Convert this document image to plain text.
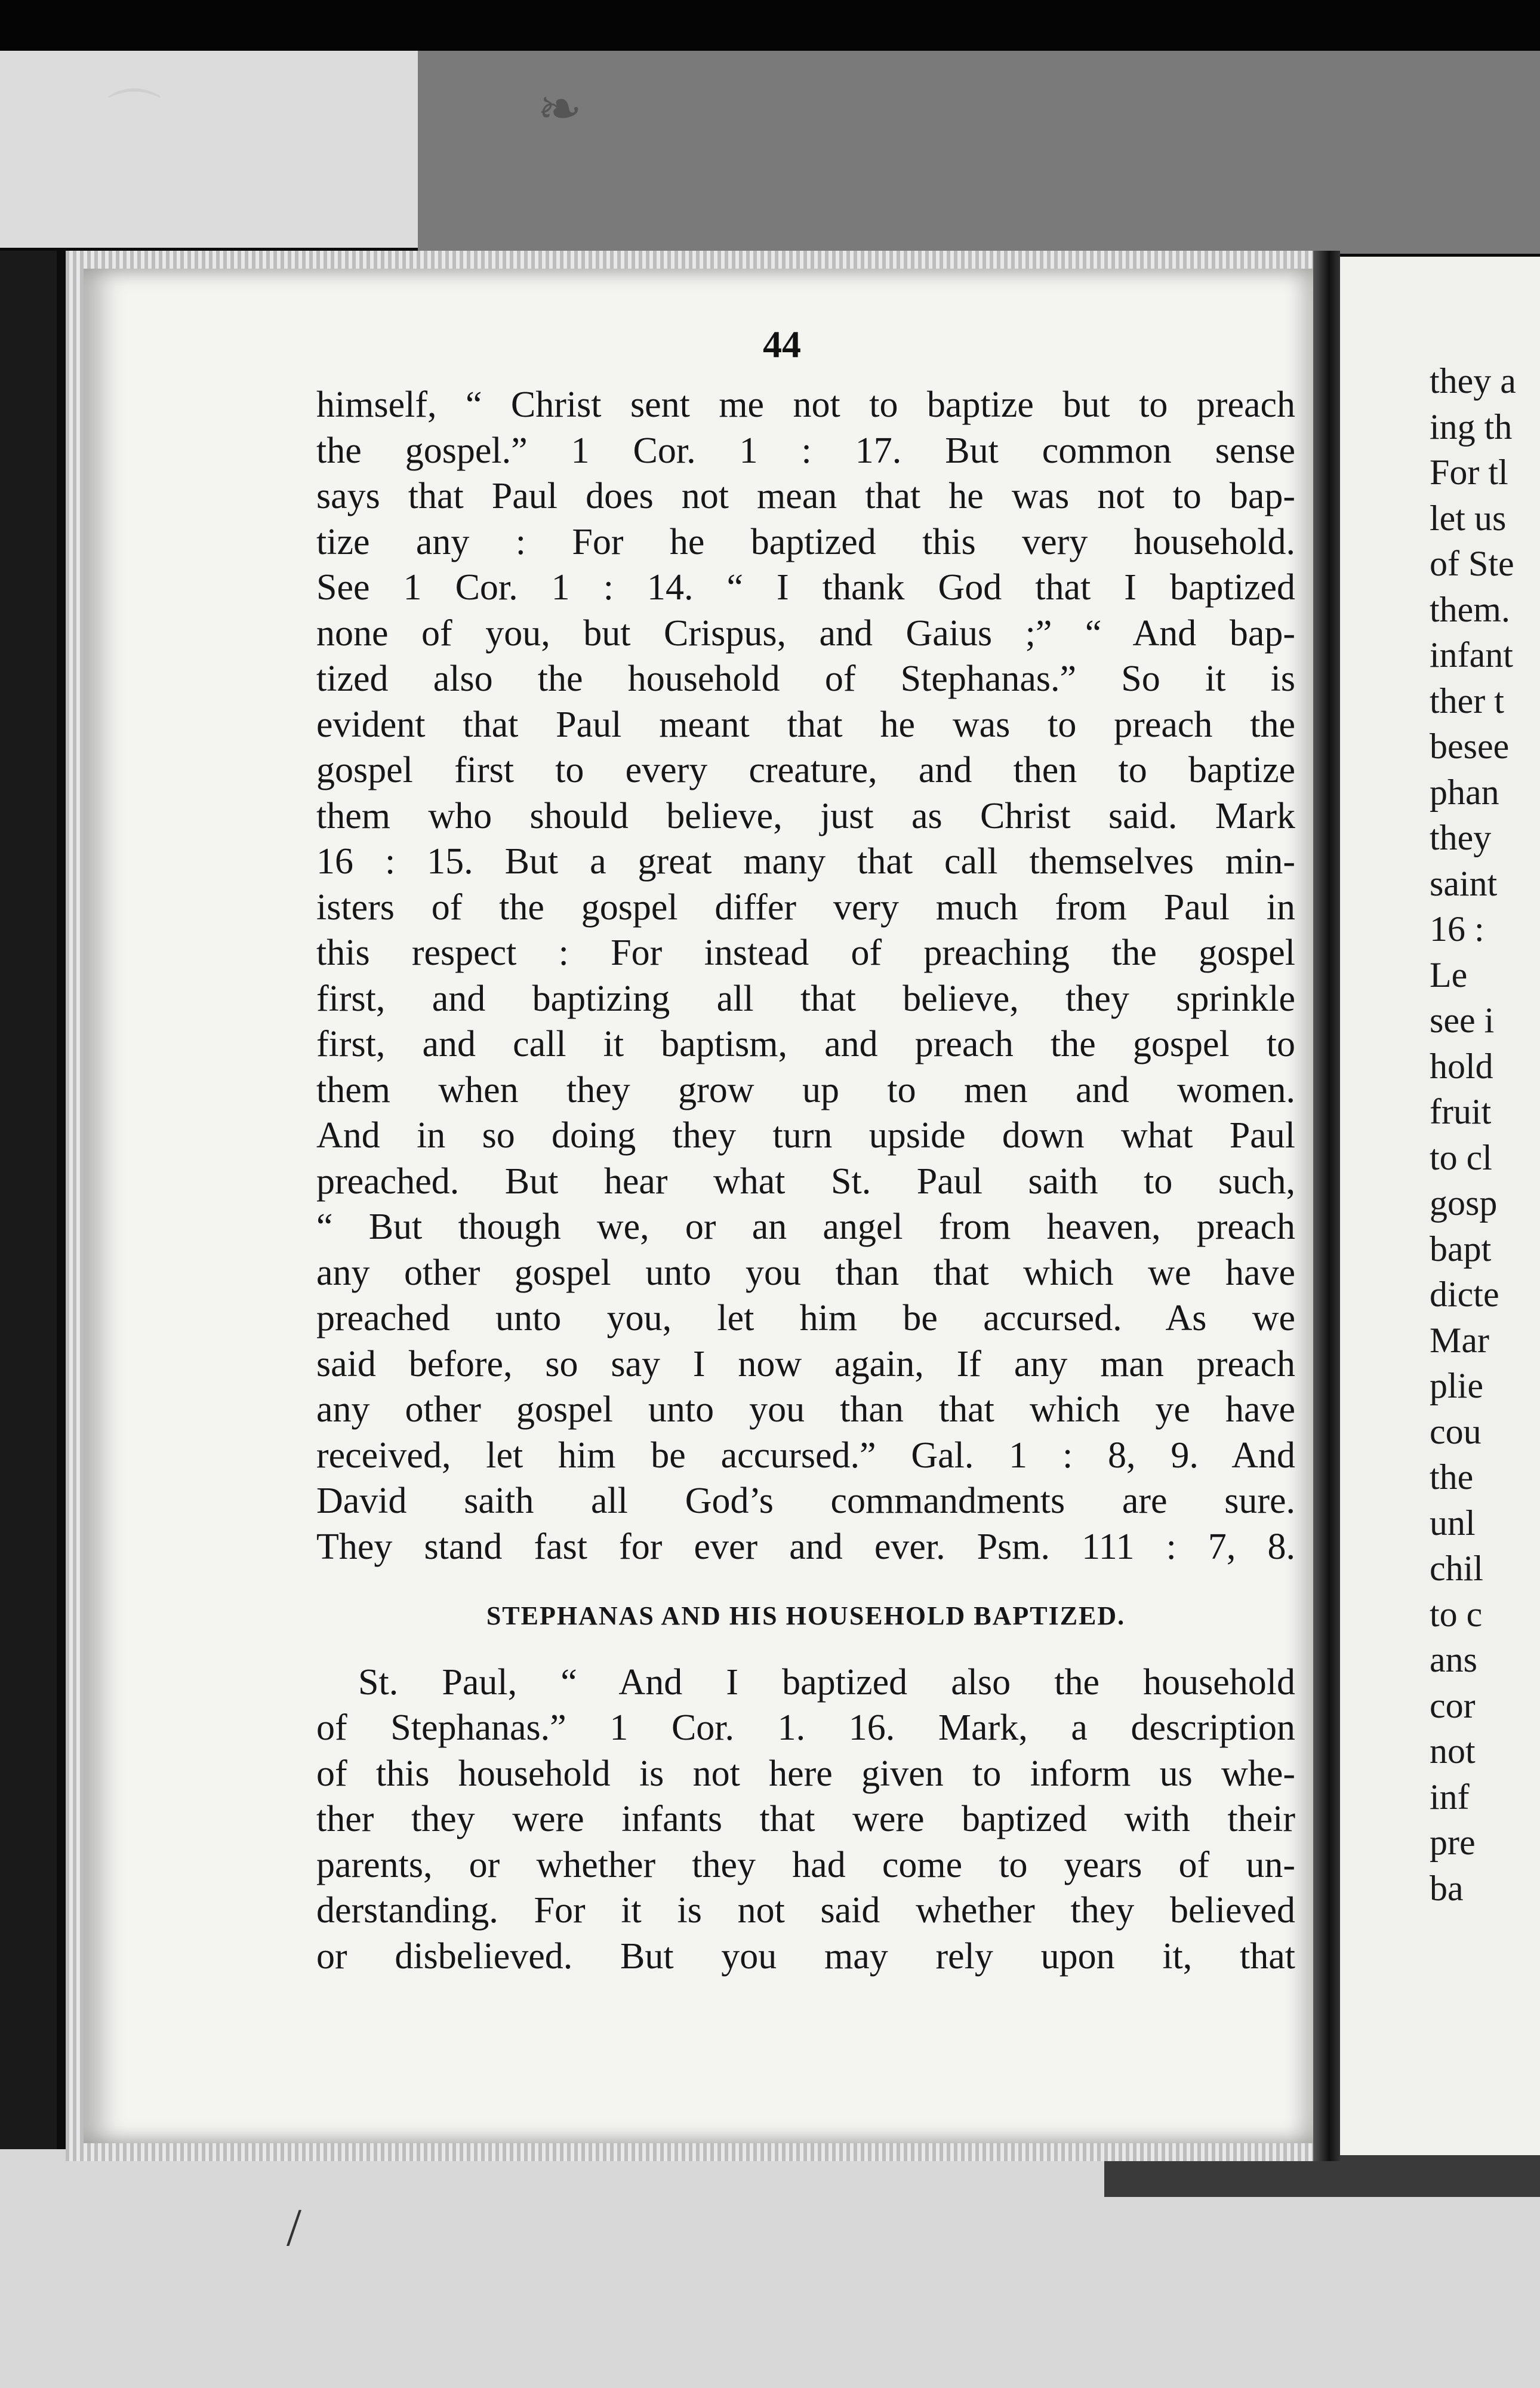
⌒	❧
/
44
himself, “ Christ sent me not to baptize but to preach
the gospel.” 1 Cor. 1 : 17. But common sense
says that Paul does not mean that he was not to bap-
tize any : For he baptized this very household.
See 1 Cor. 1 : 14. “ I thank God that I baptized
none of you, but Crispus, and Gaius ;” “ And bap-
tized also the household of Stephanas.” So it is
evident that Paul meant that he was to preach the
gospel first to every creature, and then to baptize
them who should believe, just as Christ said. Mark
16 : 15. But a great many that call themselves min-
isters of the gospel differ very much from Paul in
this respect : For instead of preaching the gospel
first, and baptizing all that believe, they sprinkle
first, and call it baptism, and preach the gospel to
them when they grow up to men and women.
And in so doing they turn upside down what Paul
preached. But hear what St. Paul saith to such,
“ But though we, or an angel from heaven, preach
any other gospel unto you than that which we have
preached unto you, let him be accursed. As we
said before, so say I now again, If any man preach
any other gospel unto you than that which ye have
received, let him be accursed.” Gal. 1 : 8, 9. And
David saith all God’s commandments are sure.
They stand fast for ever and ever. Psm. 111 : 7, 8.
STEPHANAS AND HIS HOUSEHOLD BAPTIZED.
St. Paul, “ And I baptized also the household
of Stephanas.” 1 Cor. 1. 16. Mark, a description
of this household is not here given to inform us whe-
ther they were infants that were baptized with their
parents, or whether they had come to years of un-
derstanding. For it is not said whether they believed
or disbelieved. But you may rely upon it, that
they a
ing th
For tl
let us
of Ste
them.
infant
ther t
besee
phan
they
saint
16 :
Le
see i
hold
fruit
to cl
gosp
bapt
dicte
Mar
plie
cou
the
unl
chil
to c
ans
cor
not
inf
pre
ba
